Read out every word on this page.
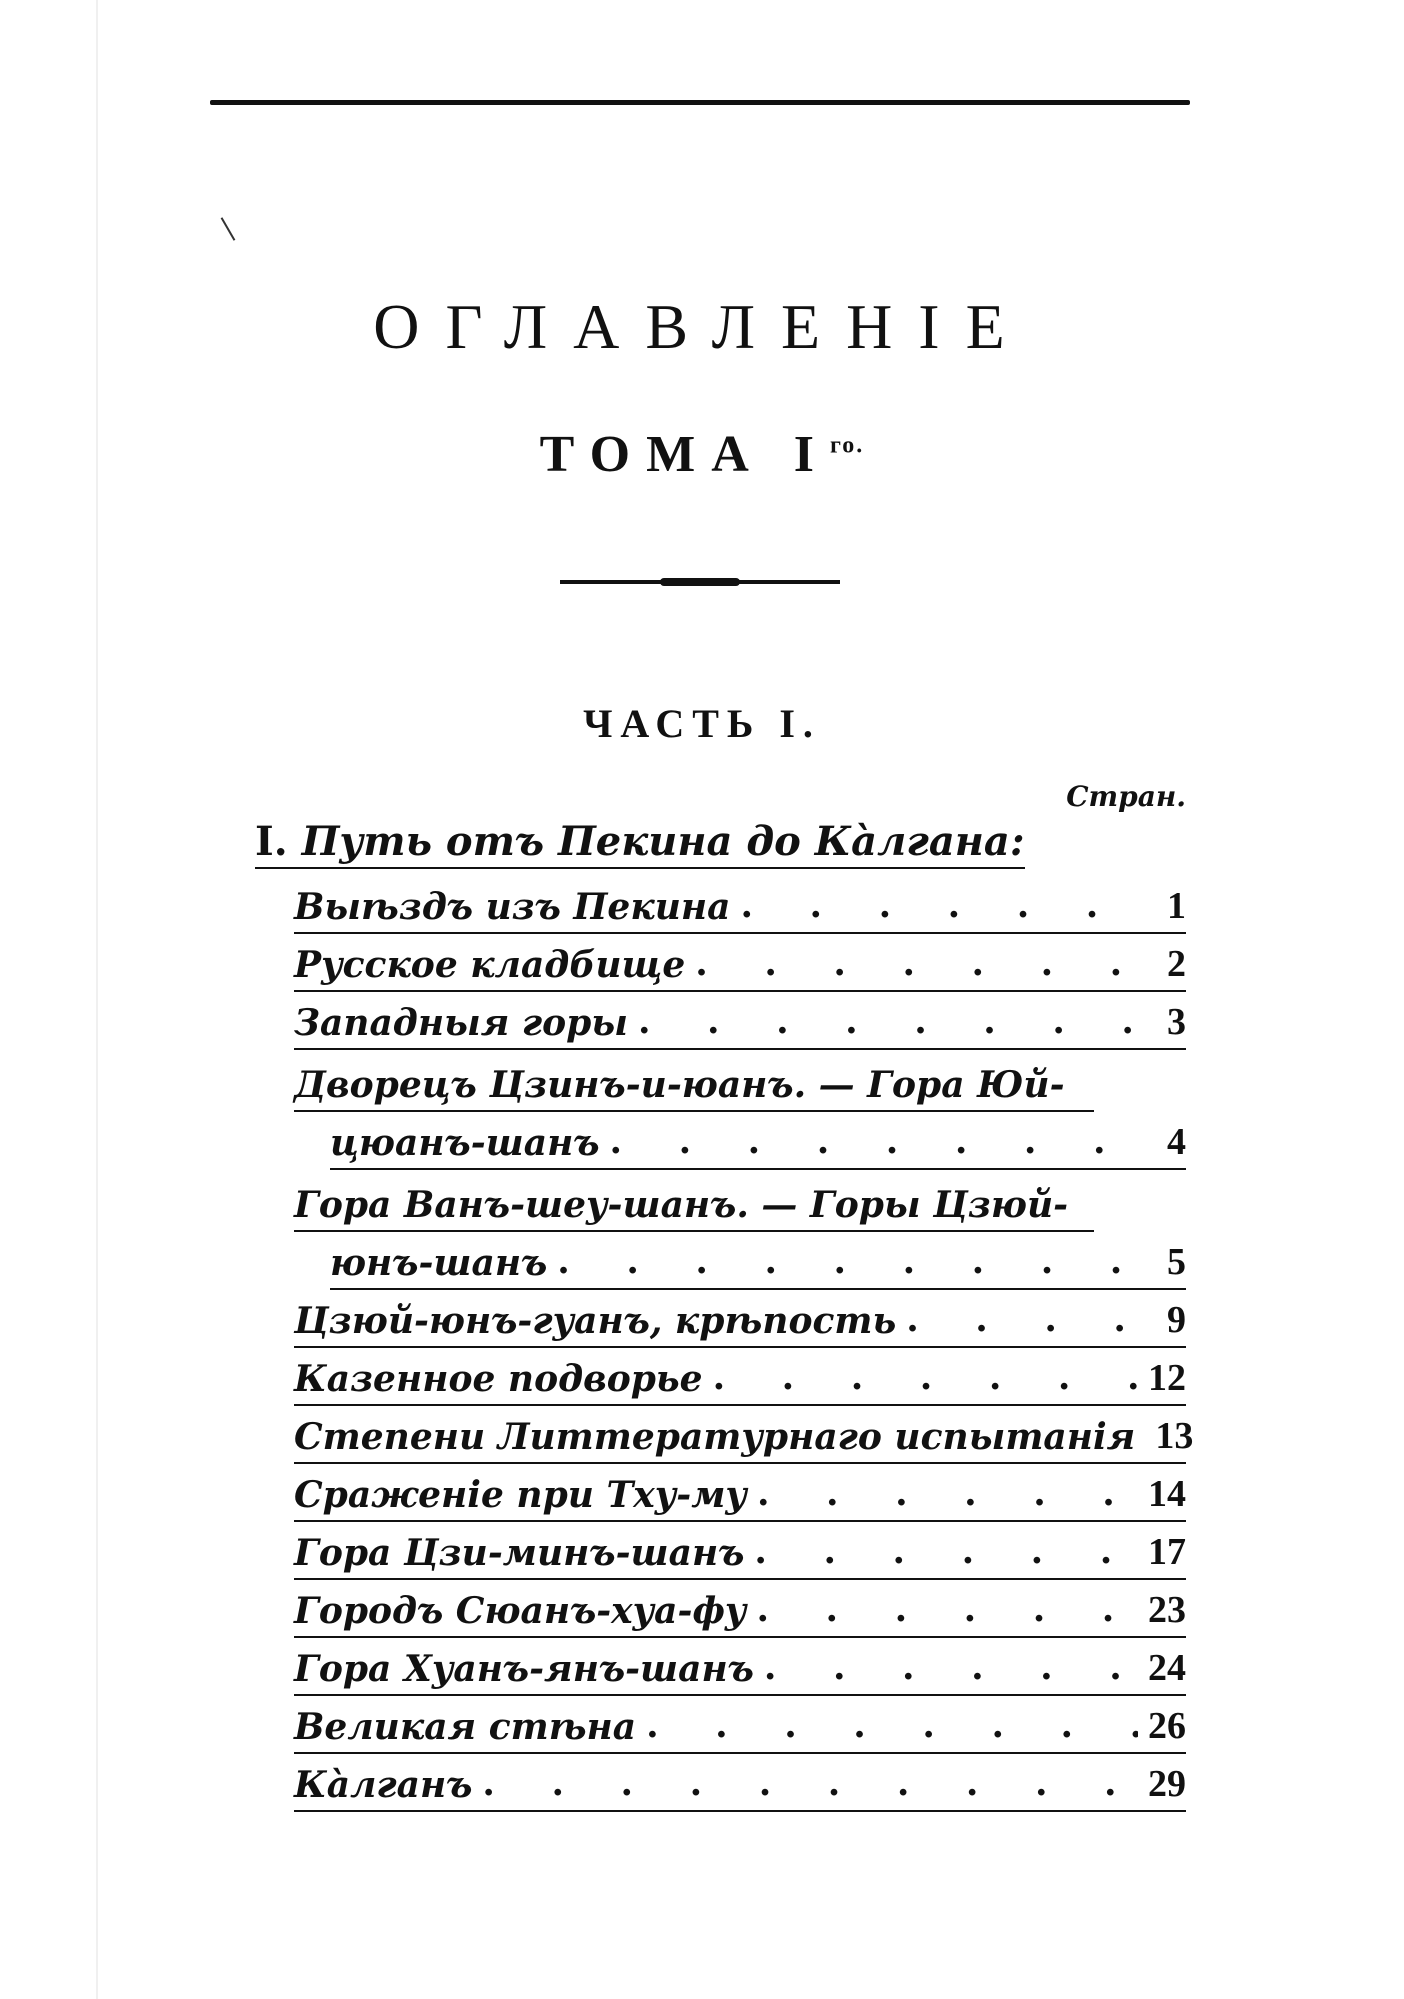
ОГЛАВЛЕНІЕ
ТОМА $I^{го.}$
ЧАСТЬ I.
Стран.
I. Путь отъ Пекина до Кàлгана:
Выѣздъ изъ Пекина . . .	1
Русское кладбище . . .	2
Западныя горы . . .	3
Дворецъ Цзинъ-и-юанъ. — Гора Юй-
цюанъ-шанъ . . .	4
Гора Ванъ-шеу-шанъ. — Горы Цзюй-
юнъ-шанъ . . .	5
Цзюй-юнъ-гуанъ, крѣпость . . .	9
Казенное подворье . . .	12
Степени Литтературнаго испытанія 13
Сраженіе при Тху-му . . .	14
Гора Цзи-минъ-шанъ . . .	17
Городъ Сюанъ-хуа-фу . . .	23
Гора Хуанъ-янъ-шанъ . . .	24
Великая стѣна . . .	26
Кàлганъ . . .	29
